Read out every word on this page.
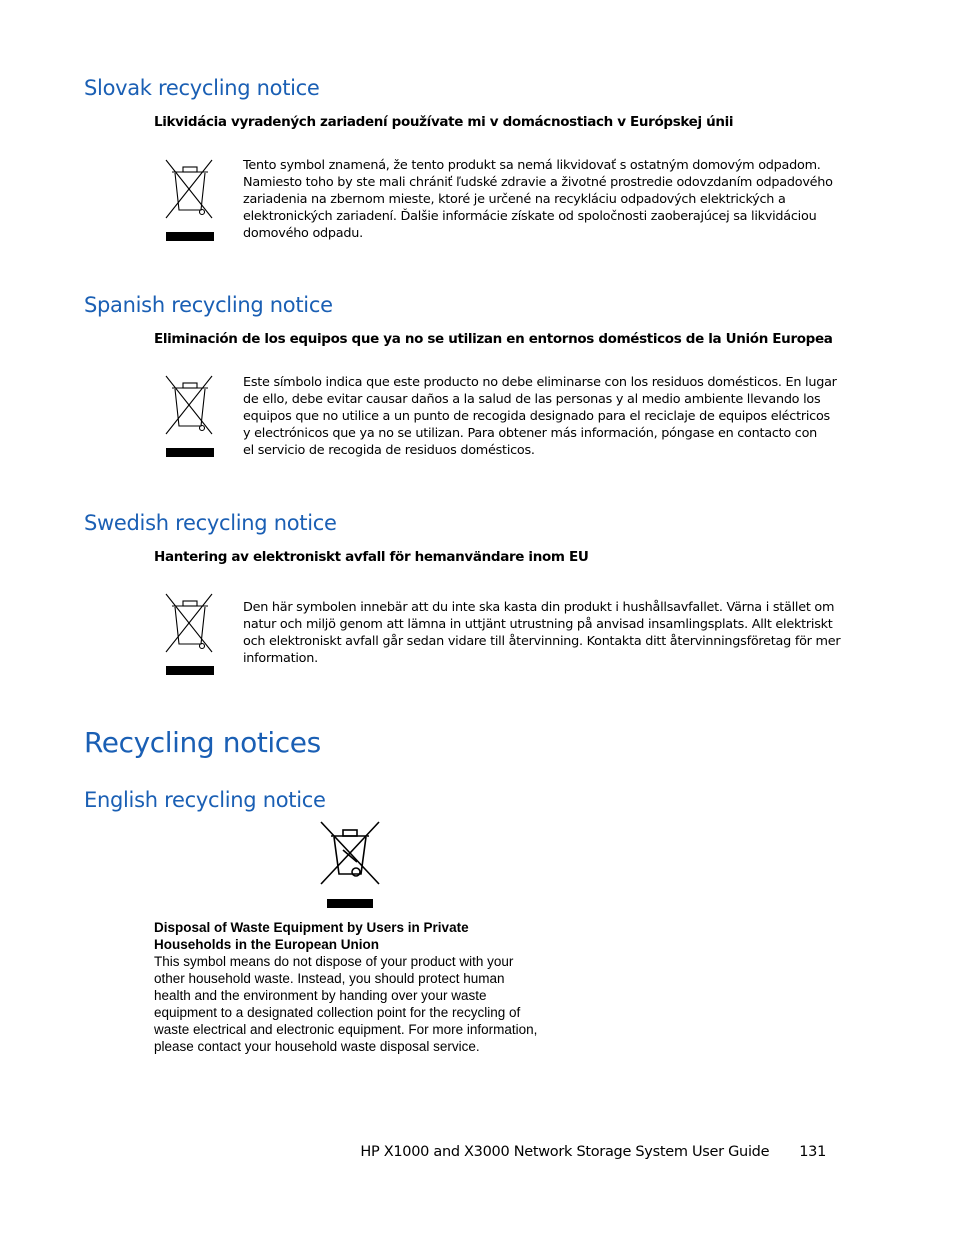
Slovak recycling notice

Likvidácia vyradených zariadení používate mi v domácnostiach v Európskej únii

Tento symbol znamená, že tento produkt sa nemá likvidovať s ostatným domovým odpadom.
Namiesto toho by ste mali chrániť ľudské zdravie a životné prostredie odovzdaním odpadového
zariadenia na zbernom mieste, ktoré je určené na recykláciu odpadových elektrických a
elektronických zariadení. Ďalšie informácie získate od spoločnosti zaoberajúcej sa likvidáciou
domového odpadu.
Spanish recycling notice

Eliminación de los equipos que ya no se utilizan en entornos domésticos de la Unión Europea

Este símbolo indica que este producto no debe eliminarse con los residuos domésticos. En lugar
de ello, debe evitar causar daños a la salud de las personas y al medio ambiente llevando los
equipos que no utilice a un punto de recogida designado para el reciclaje de equipos eléctricos
y electrónicos que ya no se utilizan. Para obtener más información, póngase en contacto con
el servicio de recogida de residuos domésticos.
Swedish recycling notice

Hantering av elektroniskt avfall för hemanvändare inom EU

Den här symbolen innebär att du inte ska kasta din produkt i hushållsavfallet. Värna i stället om
natur och miljö genom att lämna in uttjänt utrustning på anvisad insamlingsplats. Allt elektriskt
och elektroniskt avfall går sedan vidare till återvinning. Kontakta ditt återvinningsföretag för mer
information.
Recycling notices
English recycling notice
Disposal of Waste Equipment by Users in Private
Households in the European Union
This symbol means do not dispose of your product with your
other household waste. Instead, you should protect human
health and the environment by handing over your waste
equipment to a designated collection point for the recycling of
waste electrical and electronic equipment. For more information,
please contact your household waste disposal service.
HP X1000 and X3000 Network Storage System User Guide 131
